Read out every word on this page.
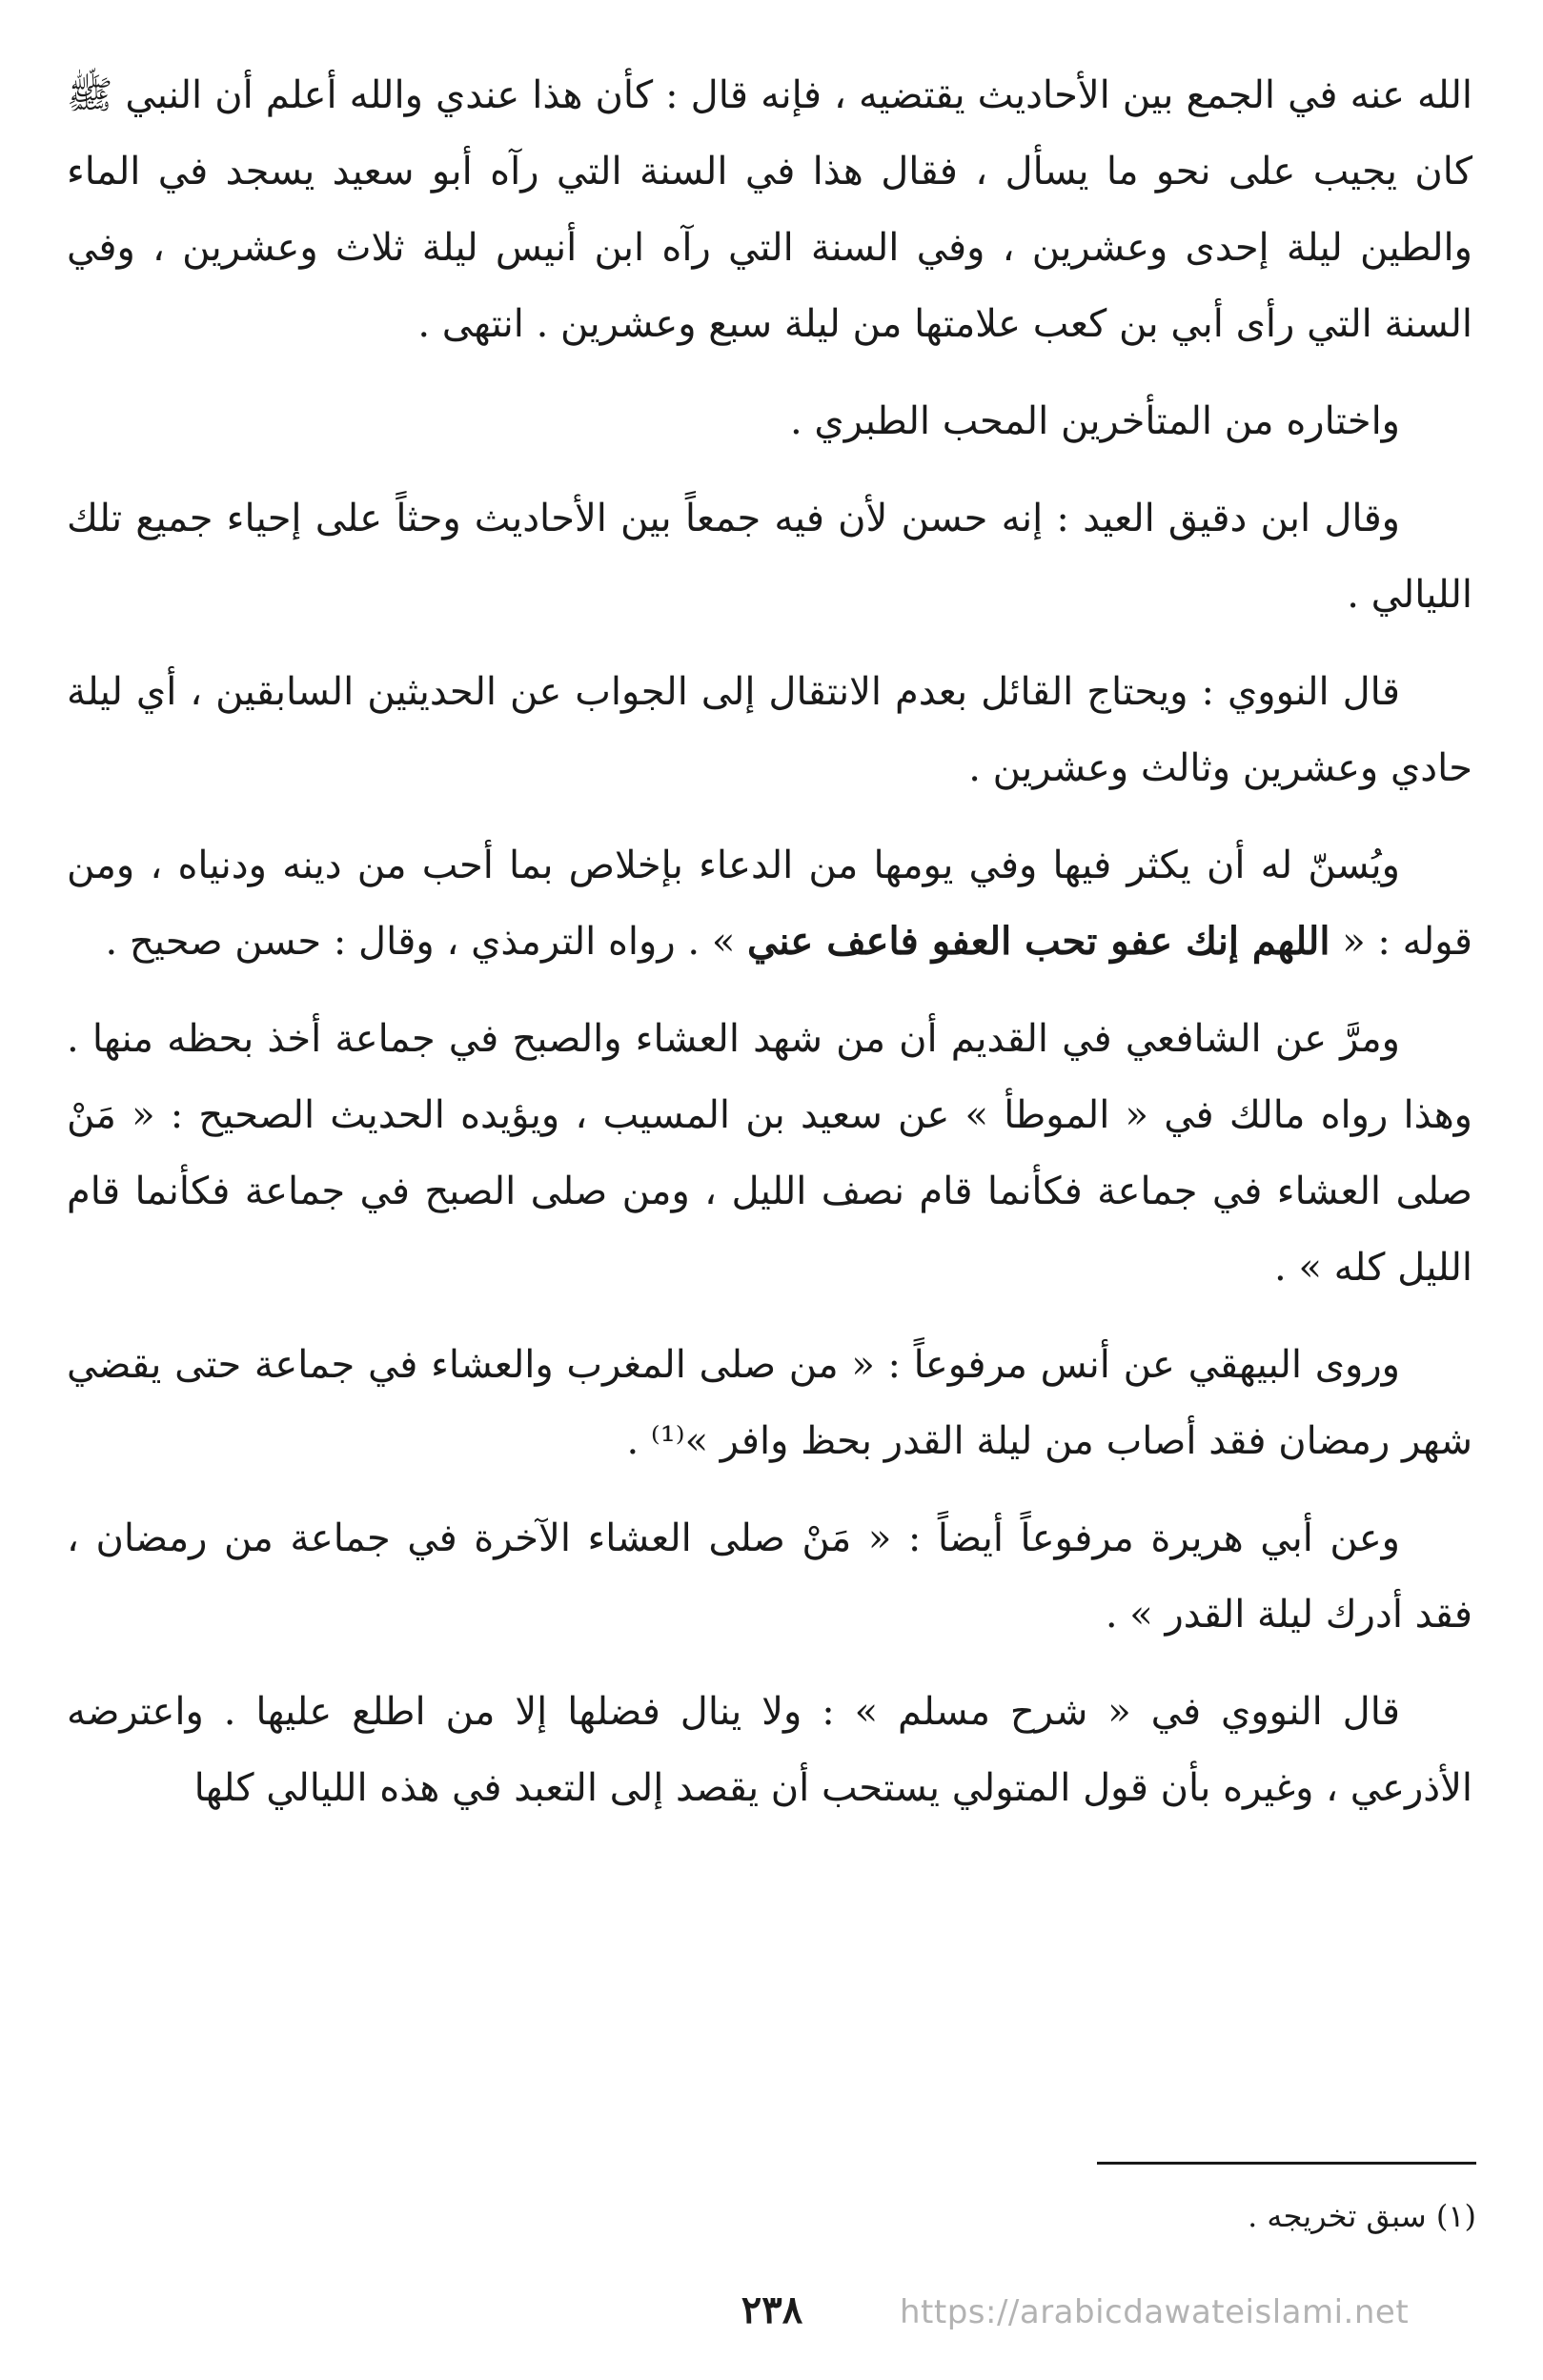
الله عنه في الجمع بين الأحاديث يقتضيه ، فإنه قال : كأن هذا عندي والله أعلم أن النبي ﷺ كان يجيب على نحو ما يسأل ، فقال هذا في السنة التي رآه أبو سعيد يسجد في الماء والطين ليلة إحدى وعشرين ، وفي السنة التي رآه ابن أنيس ليلة ثلاث وعشرين ، وفي السنة التي رأى أبي بن كعب علامتها من ليلة سبع وعشرين . انتهى .

واختاره من المتأخرين المحب الطبري .

وقال ابن دقيق العيد : إنه حسن لأن فيه جمعاً بين الأحاديث وحثاً على إحياء جميع تلك الليالي .

قال النووي : ويحتاج القائل بعدم الانتقال إلى الجواب عن الحديثين السابقين ، أي ليلة حادي وعشرين وثالث وعشرين .

ويُسنّ له أن يكثر فيها وفي يومها من الدعاء بإخلاص بما أحب من دينه ودنياه ، ومن قوله : « اللهم إنك عفو تحب العفو فاعف عني » . رواه الترمذي ، وقال : حسن صحيح .

ومرَّ عن الشافعي في القديم أن من شهد العشاء والصبح في جماعة أخذ بحظه منها . وهذا رواه مالك في « الموطأ » عن سعيد بن المسيب ، ويؤيده الحديث الصحيح : « مَنْ صلى العشاء في جماعة فكأنما قام نصف الليل ، ومن صلى الصبح في جماعة فكأنما قام الليل كله » .

وروى البيهقي عن أنس مرفوعاً : « من صلى المغرب والعشاء في جماعة حتى يقضي شهر رمضان فقد أصاب من ليلة القدر بحظ وافر »⁽¹⁾ .

وعن أبي هريرة مرفوعاً أيضاً : « مَنْ صلى العشاء الآخرة في جماعة من رمضان ، فقد أدرك ليلة القدر » .

قال النووي في « شرح مسلم » : ولا ينال فضلها إلا من اطلع عليها . واعترضه الأذرعي ، وغيره بأن قول المتولي يستحب أن يقصد إلى التعبد في هذه الليالي كلها

(١) سبق تخريجه .
٢٣٨	https://arabicdawateislami.net
